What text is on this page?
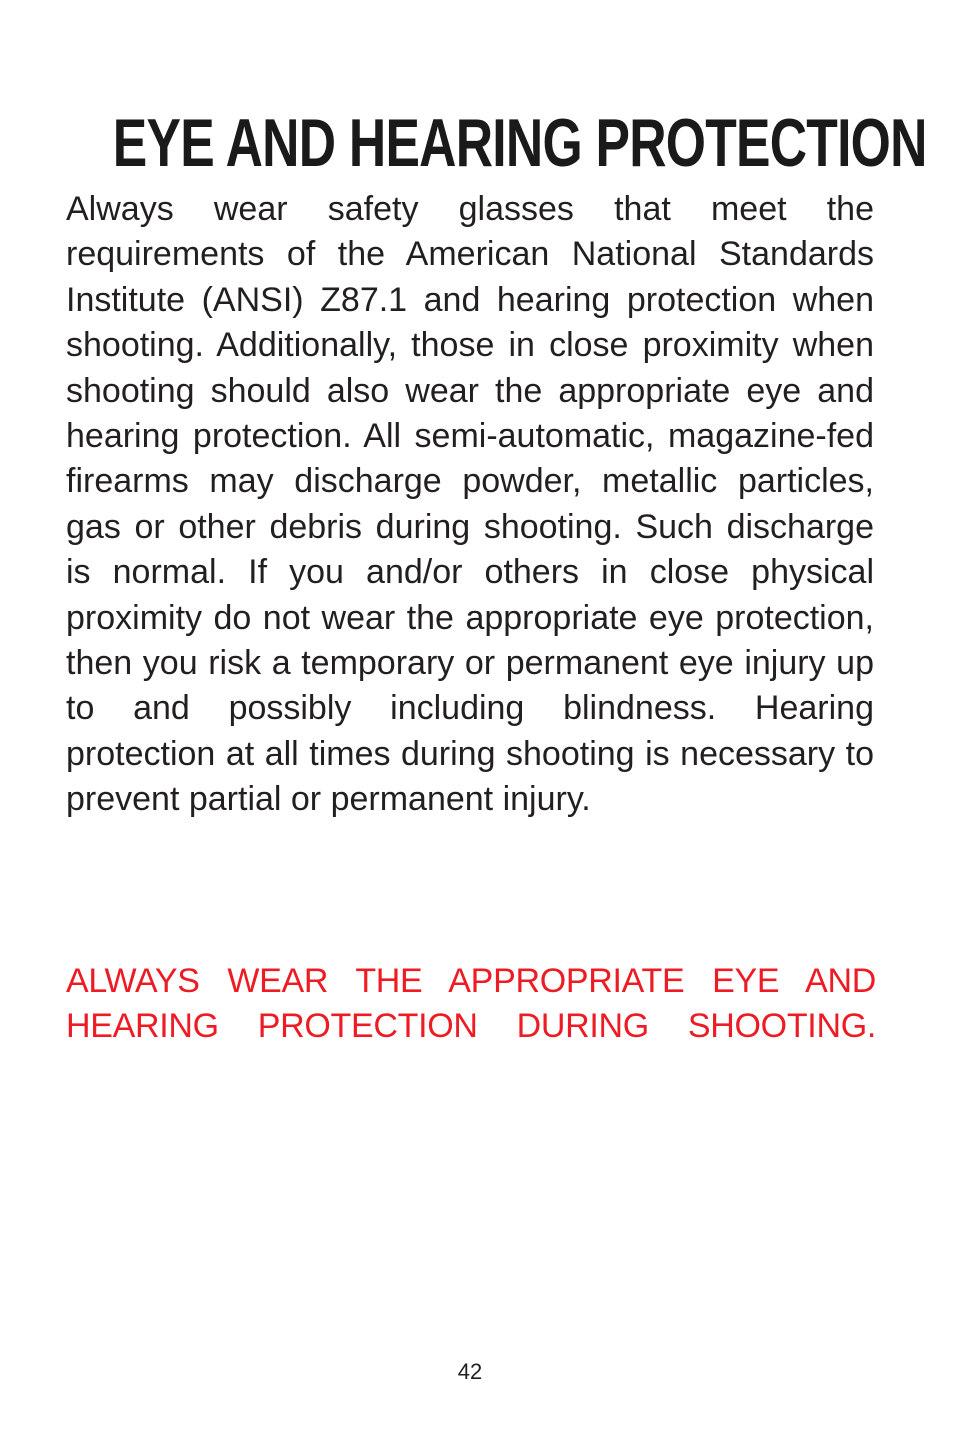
EYE AND HEARING PROTECTION

Always wear safety glasses that meet the requirements of the American National Standards Institute (ANSI) Z87.1 and hearing protection when shooting. Additionally, those in close proximity when shooting should also wear the appropriate eye and hearing protection. All semi-automatic, magazine-fed firearms may discharge powder, metallic particles, gas or other debris during shooting. Such discharge is normal. If you and/or others in close physical proximity do not wear the appropriate eye protection, then you risk a temporary or permanent eye injury up to and possibly including blindness. Hearing protection at all times during shooting is necessary to prevent partial or permanent injury.

ALWAYS WEAR THE APPROPRIATE EYE AND HEARING PROTECTION DURING SHOOTING.

42
